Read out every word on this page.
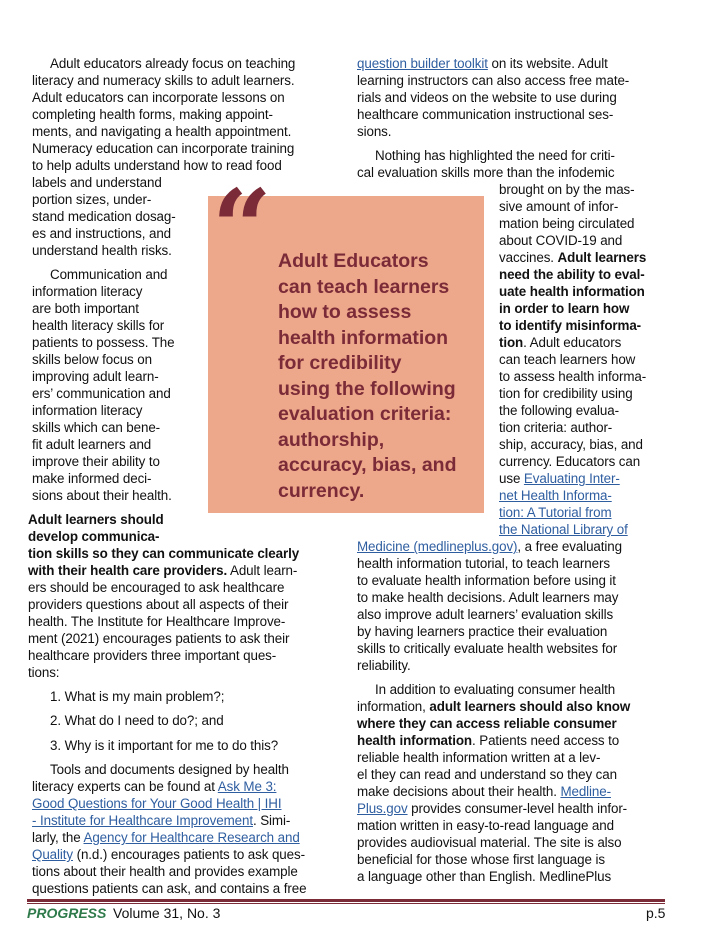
Adult educators already focus on teaching
literacy and numeracy skills to adult learners.
Adult educators can incorporate lessons on
completing health forms, making appoint-
ments, and navigating a health appointment.
Numeracy education can incorporate training
to help adults understand how to read food
labels and understand
portion sizes, under-
stand medication dosag-
es and instructions, and
understand health risks.
Communication and
information literacy
are both important
health literacy skills for
patients to possess. The
skills below focus on
improving adult learn-
ers’ communication and
information literacy
skills which can bene-
fit adult learners and
improve their ability to
make informed deci-
sions about their health.
Adult learners should
develop communica-
tion skills so they can communicate clearly
with their health care providers. Adult learn-
ers should be encouraged to ask healthcare
providers questions about all aspects of their
health. The Institute for Healthcare Improve-
ment (2021) encourages patients to ask their
healthcare providers three important ques-
tions:
1. What is my main problem?;
2. What do I need to do?; and
3. Why is it important for me to do this?
Tools and documents designed by health
literacy experts can be found at Ask Me 3:
Good Questions for Your Good Health | IHI
- Institute for Healthcare Improvement. Simi-
larly, the Agency for Healthcare Research and
Quality (n.d.) encourages patients to ask ques-
tions about their health and provides example
questions patients can ask, and contains a free
“ Adult Educators
can teach learners
how to assess
health information
for credibility
using the following
evaluation criteria:
authorship,
accuracy, bias, and
currency.
question builder toolkit on its website. Adult
learning instructors can also access free mate-
rials and videos on the website to use during
healthcare communication instructional ses-
sions.
Nothing has highlighted the need for criti-
cal evaluation skills more than the infodemic
brought on by the mas-
sive amount of infor-
mation being circulated
about COVID-19 and
vaccines. Adult learners
need the ability to eval-
uate health information
in order to learn how
to identify misinforma-
tion. Adult educators
can teach learners how
to assess health informa-
tion for credibility using
the following evalua-
tion criteria: author-
ship, accuracy, bias, and
currency. Educators can
use Evaluating Inter-
net Health Informa-
tion: A Tutorial from
the National Library of
Medicine (medlineplus.gov), a free evaluating
health information tutorial, to teach learners
to evaluate health information before using it
to make health decisions. Adult learners may
also improve adult learners’ evaluation skills
by having learners practice their evaluation
skills to critically evaluate health websites for
reliability.
In addition to evaluating consumer health
information, adult learners should also know
where they can access reliable consumer
health information. Patients need access to
reliable health information written at a lev-
el they can read and understand so they can
make decisions about their health. Medline-
Plus.gov provides consumer-level health infor-
mation written in easy-to-read language and
provides audiovisual material. The site is also
beneficial for those whose first language is
a language other than English. MedlinePlus
PROGRESS Volume 31, No. 3	p.5
